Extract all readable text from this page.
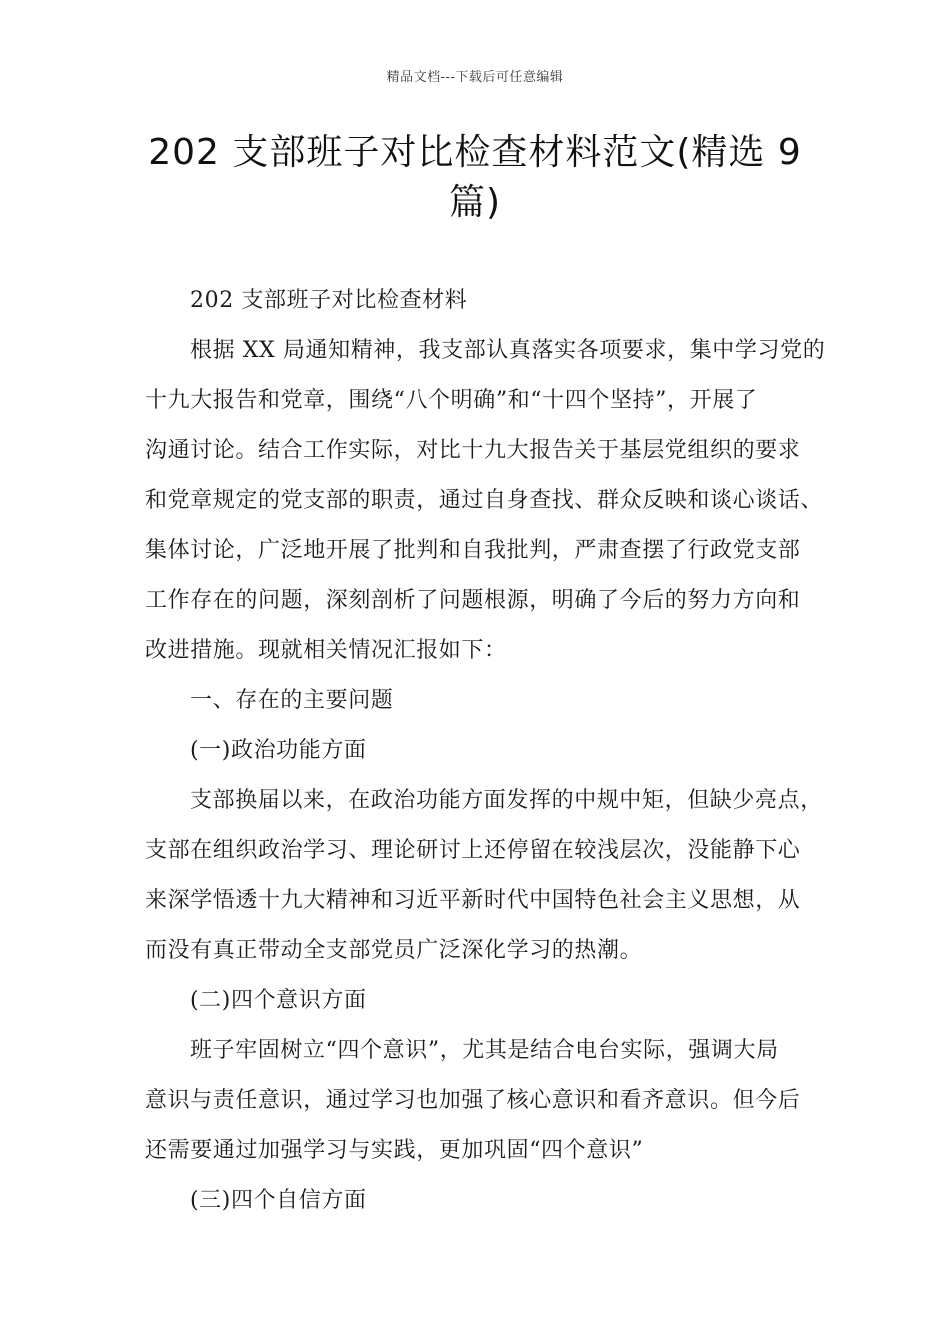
精品文档---下载后可任意编辑
202 支部班子对比检查材料范文(精选 9
篇)
202 支部班子对比检查材料
根据 XX 局通知精神，我支部认真落实各项要求，集中学习党的
十九大报告和党章，围绕“八个明确”和“十四个坚持”，开展了
沟通讨论。结合工作实际，对比十九大报告关于基层党组织的要求
和党章规定的党支部的职责，通过自身查找、群众反映和谈心谈话、
集体讨论，广泛地开展了批判和自我批判，严肃查摆了行政党支部
工作存在的问题，深刻剖析了问题根源，明确了今后的努力方向和
改进措施。现就相关情况汇报如下：
一、存在的主要问题
(一)政治功能方面
支部换届以来，在政治功能方面发挥的中规中矩，但缺少亮点，
支部在组织政治学习、理论研讨上还停留在较浅层次，没能静下心
来深学悟透十九大精神和习近平新时代中国特色社会主义思想，从
而没有真正带动全支部党员广泛深化学习的热潮。
(二)四个意识方面
班子牢固树立“四个意识”，尤其是结合电台实际，强调大局
意识与责任意识，通过学习也加强了核心意识和看齐意识。但今后
还需要通过加强学习与实践，更加巩固“四个意识”
(三)四个自信方面
